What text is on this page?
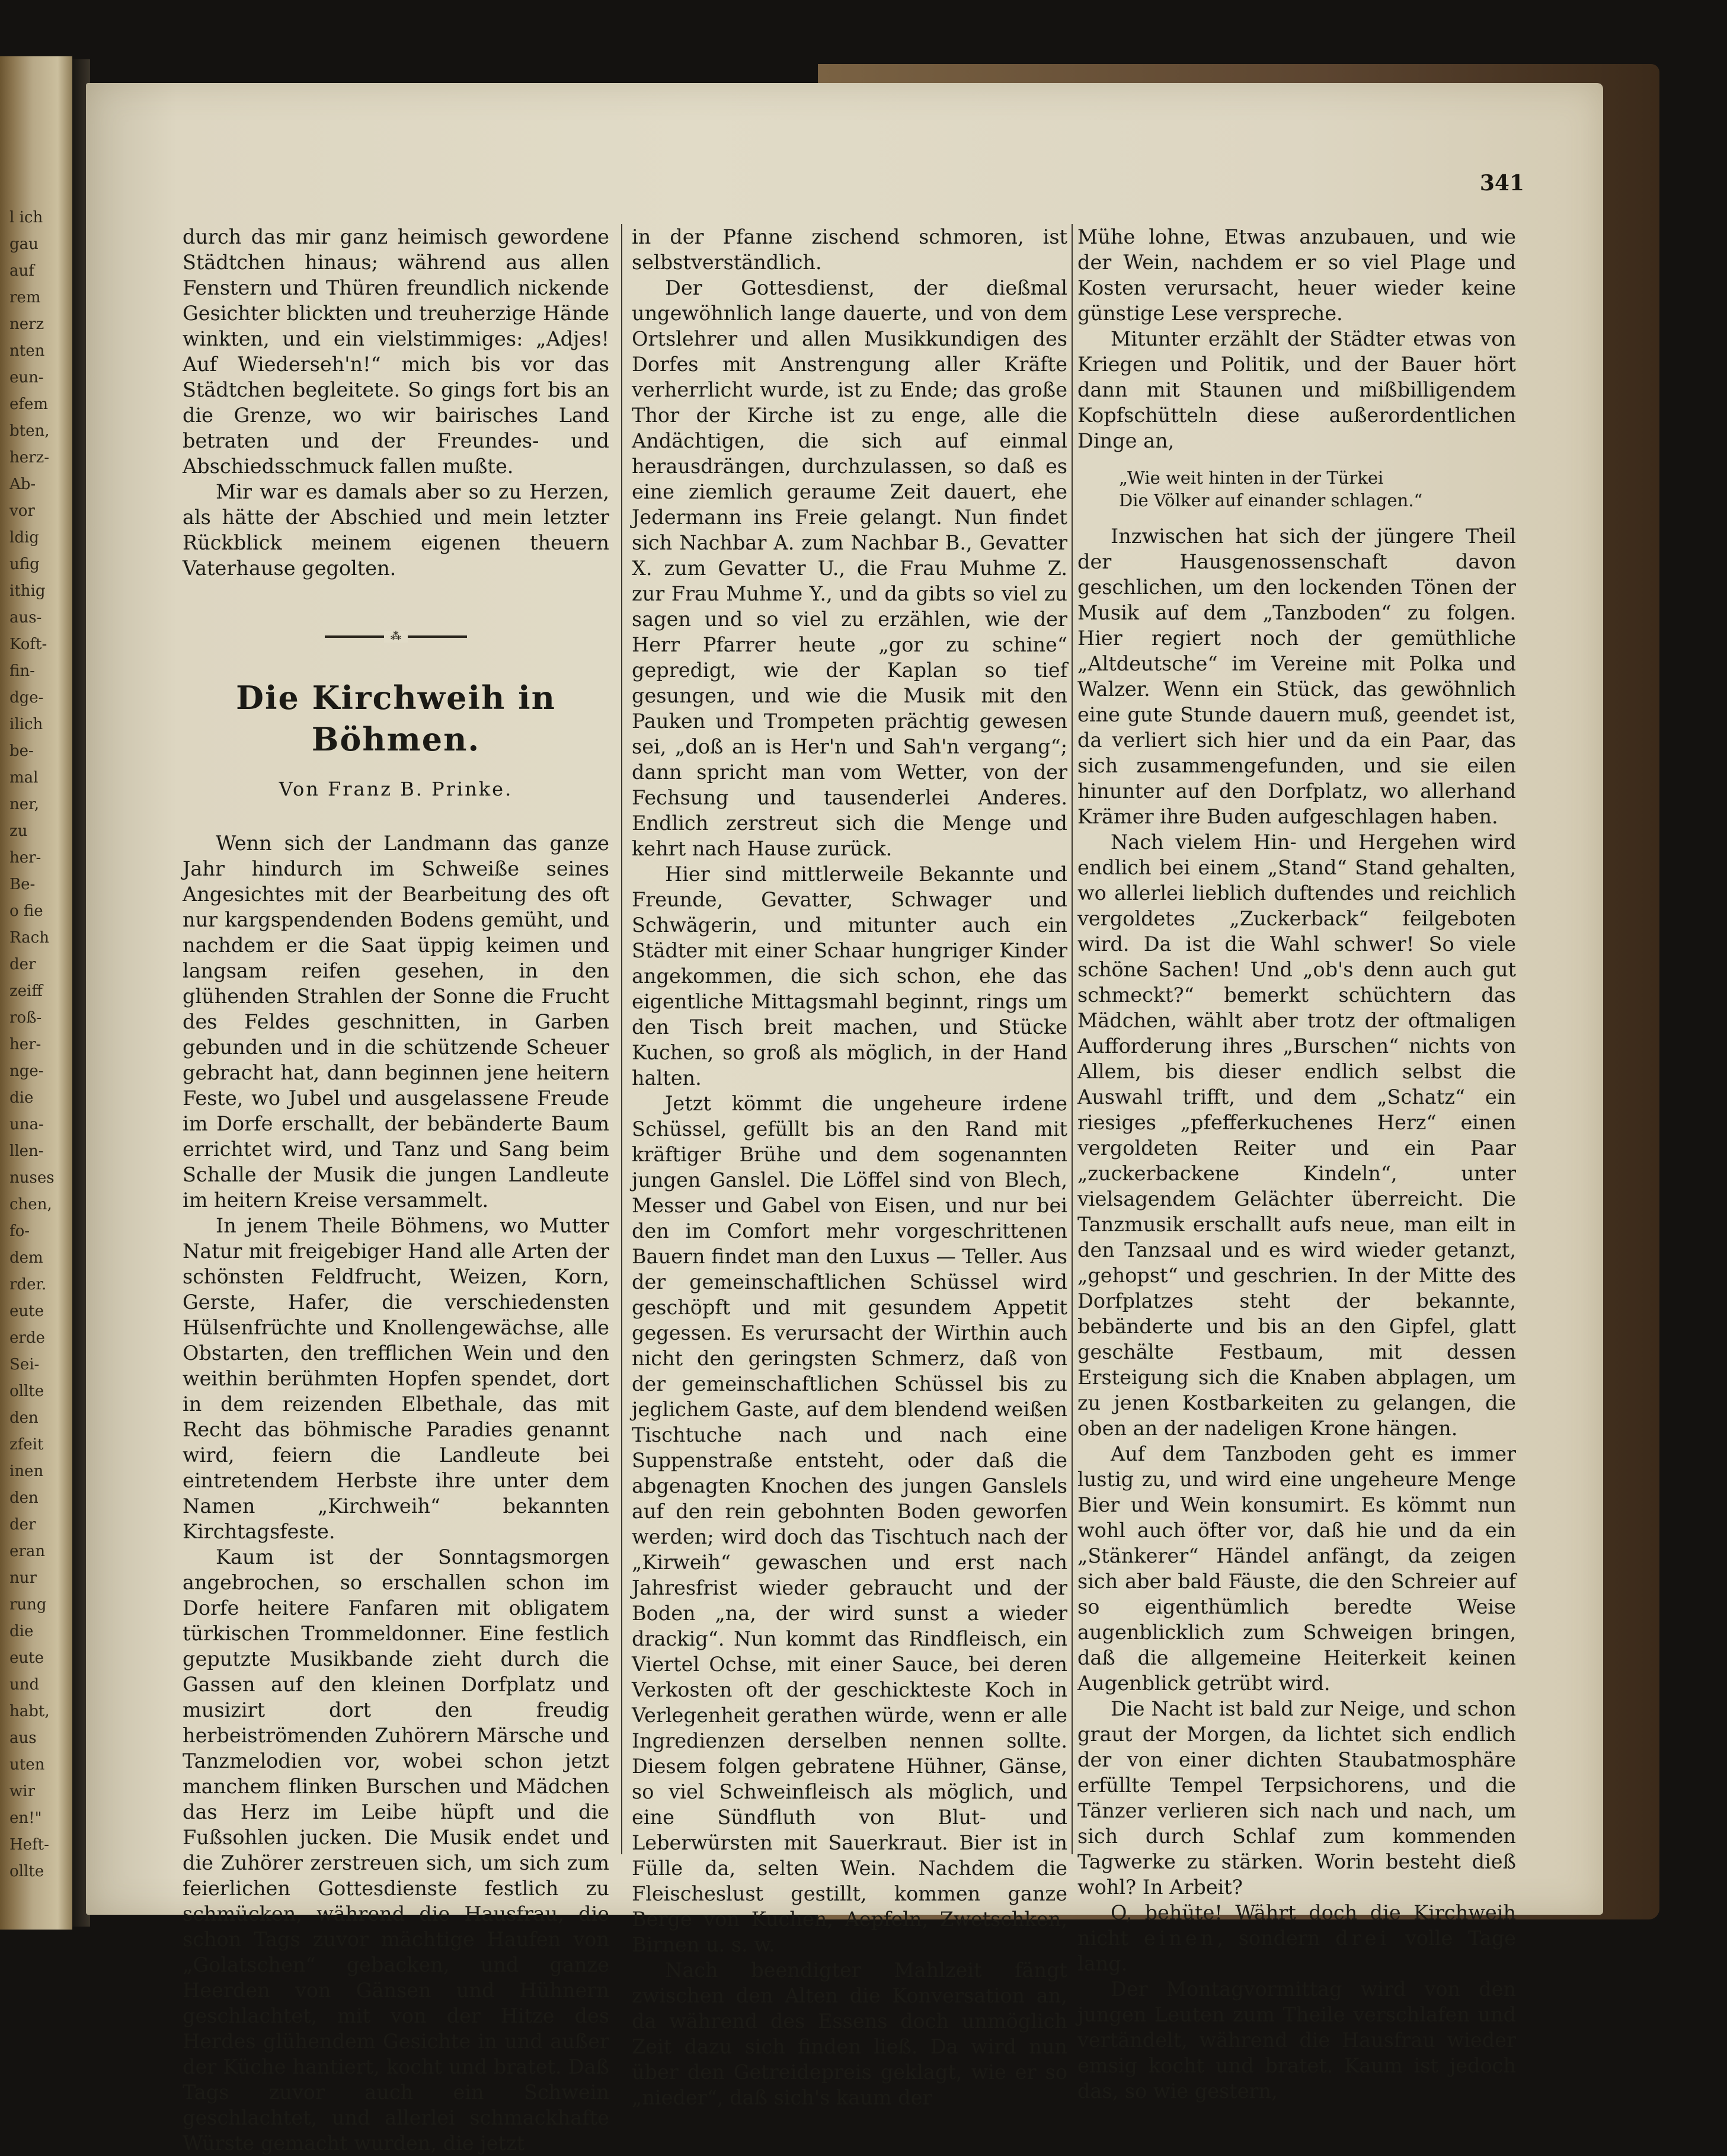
l ich
gau
auf
rem
nerz
nten
eun-
efem
bten,
herz-
Ab-
vor
ldig
ufig
ithig
aus-
Koft-
fin-
dge-
ilich
be-
mal
ner,
zu
her-
Be-
o fie
Rach
der
zeiff
roß-
her-
nge-
die
una-
llen-
nuses
chen,
fo-
dem
rder.
eute
erde
Sei-
ollte
den
zfeit
inen
den
der
eran
nur
rung
die
eute
und
habt,
aus
uten
wir
en!"
Heft-
ollte
341

durch das mir ganz heimisch gewordene Städtchen hinaus; während aus allen Fenstern und Thüren freundlich nickende Gesichter blickten und treuherzige Hände winkten, und ein vielstimmiges: „Adjes! Auf Wiederseh'n!“ mich bis vor das Städtchen begleitete. So gings fort bis an die Grenze, wo wir bairisches Land betraten und der Freundes- und Abschiedsschmuck fallen mußte.

Mir war es damals aber so zu Herzen, als hätte der Abschied und mein letzter Rückblick meinem eigenen theuern Vaterhause gegolten.

⁂
Die Kirchweih in Böhmen.
Von Franz B. Prinke.

Wenn sich der Landmann das ganze Jahr hindurch im Schweiße seines Angesichtes mit der Bearbeitung des oft nur kargspendenden Bodens gemüht, und nachdem er die Saat üppig keimen und langsam reifen gesehen, in den glühenden Strahlen der Sonne die Frucht des Feldes geschnitten, in Garben gebunden und in die schützende Scheuer gebracht hat, dann beginnen jene heitern Feste, wo Jubel und ausgelassene Freude im Dorfe erschallt, der bebänderte Baum errichtet wird, und Tanz und Sang beim Schalle der Musik die jungen Landleute im heitern Kreise versammelt.

In jenem Theile Böhmens, wo Mutter Natur mit freigebiger Hand alle Arten der schönsten Feldfrucht, Weizen, Korn, Gerste, Hafer, die verschiedensten Hülsenfrüchte und Knollengewächse, alle Obstarten, den trefflichen Wein und den weithin berühmten Hopfen spendet, dort in dem reizenden Elbethale, das mit Recht das böhmische Paradies genannt wird, feiern die Landleute bei eintretendem Herbste ihre unter dem Namen „Kirchweih“ bekannten Kirchtagsfeste.

Kaum ist der Sonntagsmorgen angebrochen, so erschallen schon im Dorfe heitere Fanfaren mit obligatem türkischen Trommeldonner. Eine festlich geputzte Musikbande zieht durch die Gassen auf den kleinen Dorfplatz und musizirt dort den freudig herbeiströmenden Zuhörern Märsche und Tanzmelodien vor, wobei schon jetzt manchem flinken Burschen und Mädchen das Herz im Leibe hüpft und die Fußsohlen jucken. Die Musik endet und die Zuhörer zerstreuen sich, um sich zum feierlichen Gottesdienste festlich zu schmücken, während die Hausfrau, die schon Tags zuvor mächtige Haufen von „Golatschen“ gebacken, und ganze Heerden von Gänsen und Hühnern geschlachtet, mit von der Hitze des Herdes glühendem Gesichte in und außer der Küche hantiert, kocht und bratet. Daß Tags zuvor auch ein Schwein geschlachtet, und allerlei schmackhafte Würste gemacht wurden, die jetzt

in der Pfanne zischend schmoren, ist selbstverständlich.

Der Gottesdienst, der dießmal ungewöhnlich lange dauerte, und von dem Ortslehrer und allen Musikkundigen des Dorfes mit Anstrengung aller Kräfte verherrlicht wurde, ist zu Ende; das große Thor der Kirche ist zu enge, alle die Andächtigen, die sich auf einmal herausdrängen, durchzulassen, so daß es eine ziemlich geraume Zeit dauert, ehe Jedermann ins Freie gelangt. Nun findet sich Nachbar A. zum Nachbar B., Gevatter X. zum Gevatter U., die Frau Muhme Z. zur Frau Muhme Y., und da gibts so viel zu sagen und so viel zu erzählen, wie der Herr Pfarrer heute „gor zu schine“ gepredigt, wie der Kaplan so tief gesungen, und wie die Musik mit den Pauken und Trompeten prächtig gewesen sei, „doß an is Her'n und Sah'n vergang“; dann spricht man vom Wetter, von der Fechsung und tausenderlei Anderes. Endlich zerstreut sich die Menge und kehrt nach Hause zurück.

Hier sind mittlerweile Bekannte und Freunde, Gevatter, Schwager und Schwägerin, und mitunter auch ein Städter mit einer Schaar hungriger Kinder angekommen, die sich schon, ehe das eigentliche Mittagsmahl beginnt, rings um den Tisch breit machen, und Stücke Kuchen, so groß als möglich, in der Hand halten.

Jetzt kömmt die ungeheure irdene Schüssel, gefüllt bis an den Rand mit kräftiger Brühe und dem sogenannten jungen Ganslel. Die Löffel sind von Blech, Messer und Gabel von Eisen, und nur bei den im Comfort mehr vorgeschrittenen Bauern findet man den Luxus — Teller. Aus der gemeinschaftlichen Schüssel wird geschöpft und mit gesundem Appetit gegessen. Es verursacht der Wirthin auch nicht den geringsten Schmerz, daß von der gemeinschaftlichen Schüssel bis zu jeglichem Gaste, auf dem blendend weißen Tischtuche nach und nach eine Suppenstraße entsteht, oder daß die abgenagten Knochen des jungen Ganslels auf den rein gebohnten Boden geworfen werden; wird doch das Tischtuch nach der „Kirweih“ gewaschen und erst nach Jahresfrist wieder gebraucht und der Boden „na, der wird sunst a wieder drackig“. Nun kommt das Rindfleisch, ein Viertel Ochse, mit einer Sauce, bei deren Verkosten oft der geschickteste Koch in Verlegenheit gerathen würde, wenn er alle Ingredienzen derselben nennen sollte. Diesem folgen gebratene Hühner, Gänse, so viel Schweinfleisch als möglich, und eine Sündfluth von Blut- und Leberwürsten mit Sauerkraut. Bier ist in Fülle da, selten Wein. Nachdem die Fleischeslust gestillt, kommen ganze Berge von Kuchen, Aepfeln, Zwetschken, Birnen u. s. w.

Nach beendigter Mahlzeit fängt zwischen den Alten die Konversation an, da während des Essens doch unmöglich Zeit dazu sich finden ließ. Da wird nun über den Getreidepreis geklagt, wie er so „nieder“, daß sich's kaum der

Mühe lohne, Etwas anzubauen, und wie der Wein, nachdem er so viel Plage und Kosten verursacht, heuer wieder keine günstige Lese verspreche.

Mitunter erzählt der Städter etwas von Kriegen und Politik, und der Bauer hört dann mit Staunen und mißbilligendem Kopfschütteln diese außerordentlichen Dinge an,

„Wie weit hinten in der Türkei
Die Völker auf einander schlagen.“

Inzwischen hat sich der jüngere Theil der Hausgenossenschaft davon geschlichen, um den lockenden Tönen der Musik auf dem „Tanzboden“ zu folgen. Hier regiert noch der gemüthliche „Altdeutsche“ im Vereine mit Polka und Walzer. Wenn ein Stück, das gewöhnlich eine gute Stunde dauern muß, geendet ist, da verliert sich hier und da ein Paar, das sich zusammengefunden, und sie eilen hinunter auf den Dorfplatz, wo allerhand Krämer ihre Buden aufgeschlagen haben.

Nach vielem Hin- und Hergehen wird endlich bei einem „Stand“ Stand gehalten, wo allerlei lieblich duftendes und reichlich vergoldetes „Zuckerback“ feilgeboten wird. Da ist die Wahl schwer! So viele schöne Sachen! Und „ob's denn auch gut schmeckt?“ bemerkt schüchtern das Mädchen, wählt aber trotz der oftmaligen Aufforderung ihres „Burschen“ nichts von Allem, bis dieser endlich selbst die Auswahl trifft, und dem „Schatz“ ein riesiges „pfefferkuchenes Herz“ einen vergoldeten Reiter und ein Paar „zuckerbackene Kindeln“, unter vielsagendem Gelächter überreicht. Die Tanzmusik erschallt aufs neue, man eilt in den Tanzsaal und es wird wieder getanzt, „gehopst“ und geschrien. In der Mitte des Dorfplatzes steht der bekannte, bebänderte und bis an den Gipfel, glatt geschälte Festbaum, mit dessen Ersteigung sich die Knaben abplagen, um zu jenen Kostbarkeiten zu gelangen, die oben an der nadeligen Krone hängen.

Auf dem Tanzboden geht es immer lustig zu, und wird eine ungeheure Menge Bier und Wein konsumirt. Es kömmt nun wohl auch öfter vor, daß hie und da ein „Stänkerer“ Händel anfängt, da zeigen sich aber bald Fäuste, die den Schreier auf so eigenthümlich beredte Weise augenblicklich zum Schweigen bringen, daß die allgemeine Heiterkeit keinen Augenblick getrübt wird.

Die Nacht ist bald zur Neige, und schon graut der Morgen, da lichtet sich endlich der von einer dichten Staubatmosphäre erfüllte Tempel Terpsichorens, und die Tänzer verlieren sich nach und nach, um sich durch Schlaf zum kommenden Tagwerke zu stärken. Worin besteht dieß wohl? In Arbeit?

O, behüte! Währt doch die Kirchweih nicht einen, sondern drei volle Tage lang.

Der Montagvormittag wird von den jungen Leuten zum Theile verschlafen und vertändelt, während die Hausfrau wieder emsig kocht und bratet. Kaum ist jedoch das, so wie gestern,
